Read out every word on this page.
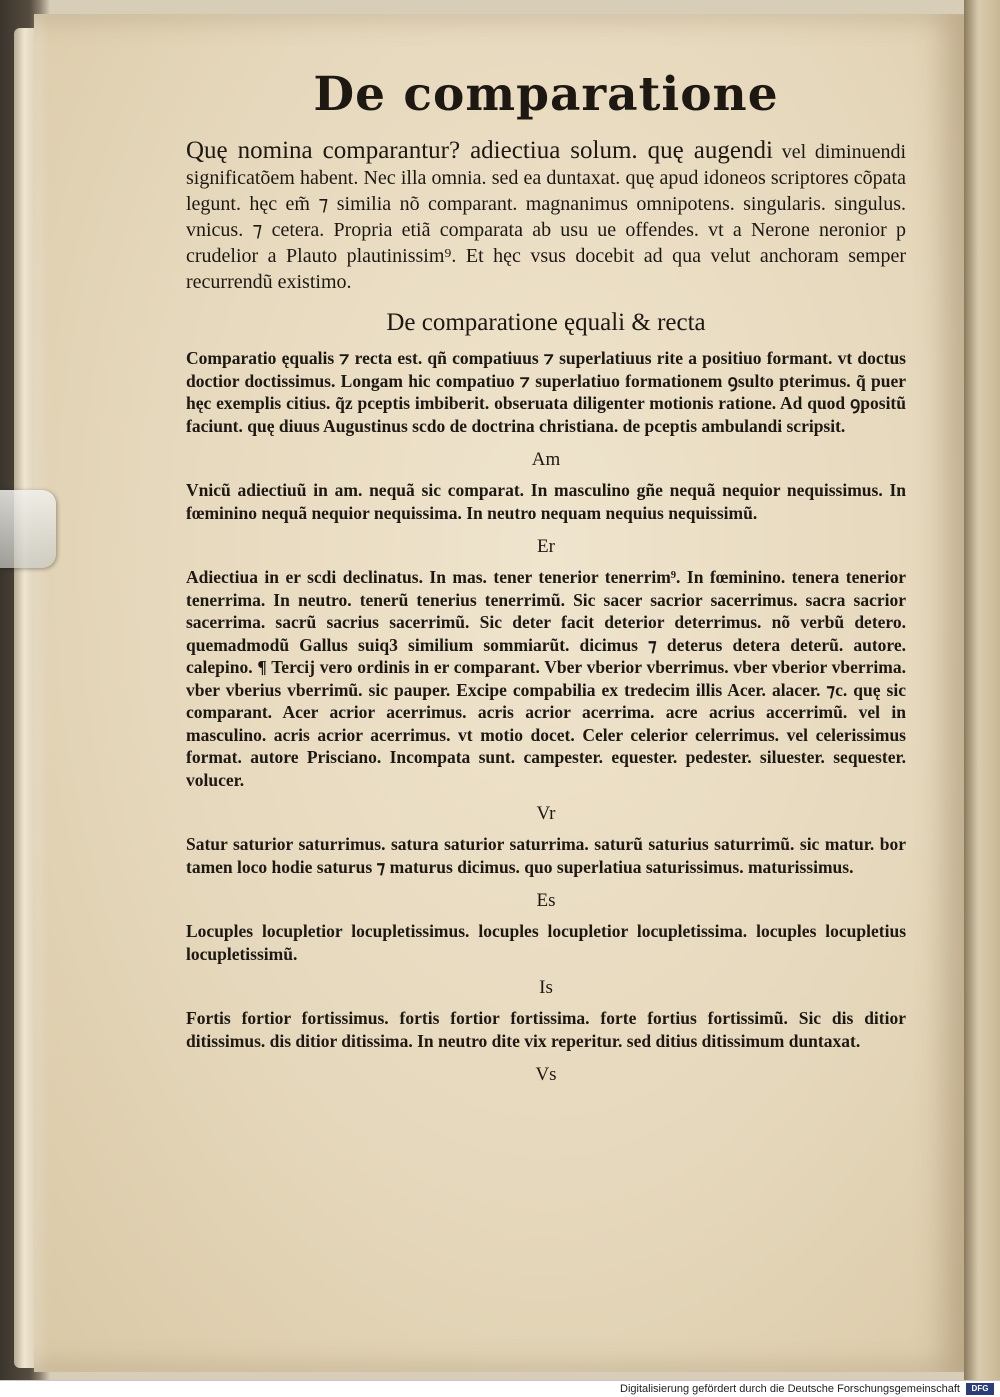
De comparatione

Quę nomina comparantur? adiectiua solum. quę augendi vel diminuendi significatõem habent. Nec illa omnia. sed ea duntaxat. quę apud idoneos scriptores cõpata legunt. hęc em̃ ⁊ similia nõ comparant. magnanimus omnipotens. singularis. singulus. vnicus. ⁊ cetera. Propria etiã comparata ab usu ue offendes. vt a Nerone neronior p crudelior a Plauto plautinissim⁹. Et hęc vsus docebit ad qua velut anchoram semper recurrendũ existimo.

De comparatione ęquali & recta

Comparatio ęqualis ⁊ recta est. qñ compatiuus ⁊ superlatiuus rite a positiuo formant. vt doctus doctior doctissimus. Longam hic compatiuo ⁊ superlatiuo formationem ꝯsulto pterimus. q̃ puer hęc exemplis citius. q̃z pceptis imbiberit. obseruata diligenter motionis ratione. Ad quod ꝯpositũ faciunt. quę diuus Augustinus scdo de doctrina christiana. de pceptis ambulandi scripsit.

Am

Vnicũ adiectiuũ in am. nequã sic comparat. In masculino gñe nequã nequior nequissimus. In fœminino nequã nequior nequissima. In neutro nequam nequius nequissimũ.

Er

Adiectiua in er scdi declinatus. In mas. tener tenerior tenerrim⁹. In fœminino. tenera tenerior tenerrima. In neutro. tenerũ tenerius tenerrimũ. Sic sacer sacrior sacerrimus. sacra sacrior sacerrima. sacrũ sacrius sacerrimũ. Sic deter facit deterior deterrimus. nõ verbũ detero. quemadmodũ Gallus suiq3 similium sommiarũt. dicimus ⁊ deterus detera deterũ. autore. calepino. ¶ Tercij vero ordinis in er comparant. Vber vberior vberrimus. vber vberior vberrima. vber vberius vberrimũ. sic pauper. Excipe compabilia ex tredecim illis Acer. alacer. ⁊c. quę sic comparant. Acer acrior acerrimus. acris acrior acerrima. acre acrius accerrimũ. vel in masculino. acris acrior acerrimus. vt motio docet. Celer celerior celerrimus. vel celerissimus format. autore Prisciano. Incompata sunt. campester. equester. pedester. siluester. sequester. volucer.

Vr

Satur saturior saturrimus. satura saturior saturrima. saturũ saturius saturrimũ. sic matur. bor tamen loco hodie saturus ⁊ maturus dicimus. quo superlatiua saturissimus. maturissimus.

Es

Locuples locupletior locupletissimus. locuples locupletior locupletissima. locuples locupletius locupletissimũ.

Is

Fortis fortior fortissimus. fortis fortior fortissima. forte fortius fortissimũ. Sic dis ditior ditissimus. dis ditior ditissima. In neutro dite vix reperitur. sed ditius ditissimum duntaxat.

Vs
Digitalisierung gefördert durch die Deutsche Forschungsgemeinschaft	DFG
